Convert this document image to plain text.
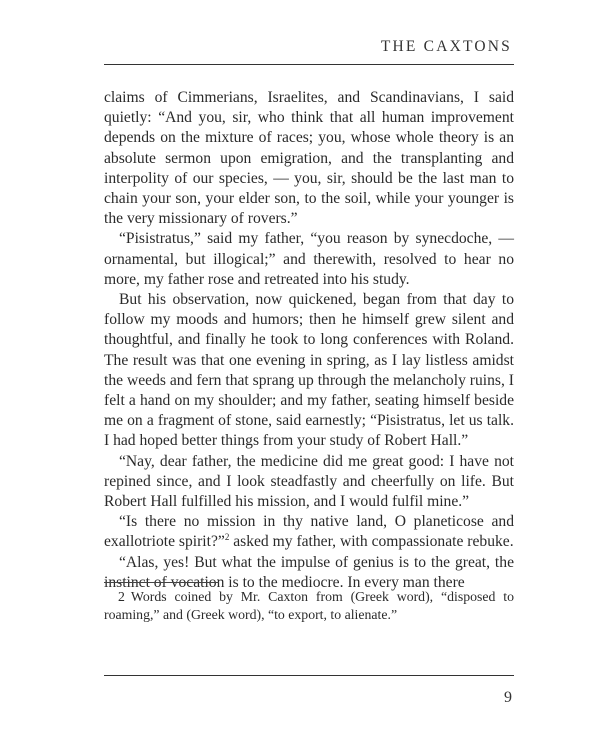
THE CAXTONS

claims of Cimmerians, Israelites, and Scandinavians, I said quietly: “And you, sir, who think that all human improvement depends on the mixture of races; you, whose whole theory is an absolute sermon upon emigration, and the transplanting and interpolity of our species, — you, sir, should be the last man to chain your son, your elder son, to the soil, while your younger is the very missionary of rovers.”

“Pisistratus,” said my father, “you reason by synecdoche, — ornamental, but illogical;” and therewith, resolved to hear no more, my father rose and retreated into his study.

But his observation, now quickened, began from that day to follow my moods and humors; then he himself grew silent and thoughtful, and finally he took to long conferences with Roland. The result was that one evening in spring, as I lay listless amidst the weeds and fern that sprang up through the melancholy ruins, I felt a hand on my shoulder; and my father, seating himself beside me on a fragment of stone, said earnestly; “Pisistratus, let us talk. I had hoped better things from your study of Robert Hall.”

“Nay, dear father, the medicine did me great good: I have not repined since, and I look steadfastly and cheerfully on life. But Robert Hall fulfilled his mission, and I would fulfil mine.”

“Is there no mission in thy native land, O planeticose and exallotriote spirit?”$^2$ asked my father, with compassionate rebuke.

“Alas, yes! But what the impulse of genius is to the great, the instinct of vocation is to the mediocre. In every man there

2 Words coined by Mr. Caxton from (Greek word), “disposed to roaming,” and (Greek word), “to export, to alienate.”
9
